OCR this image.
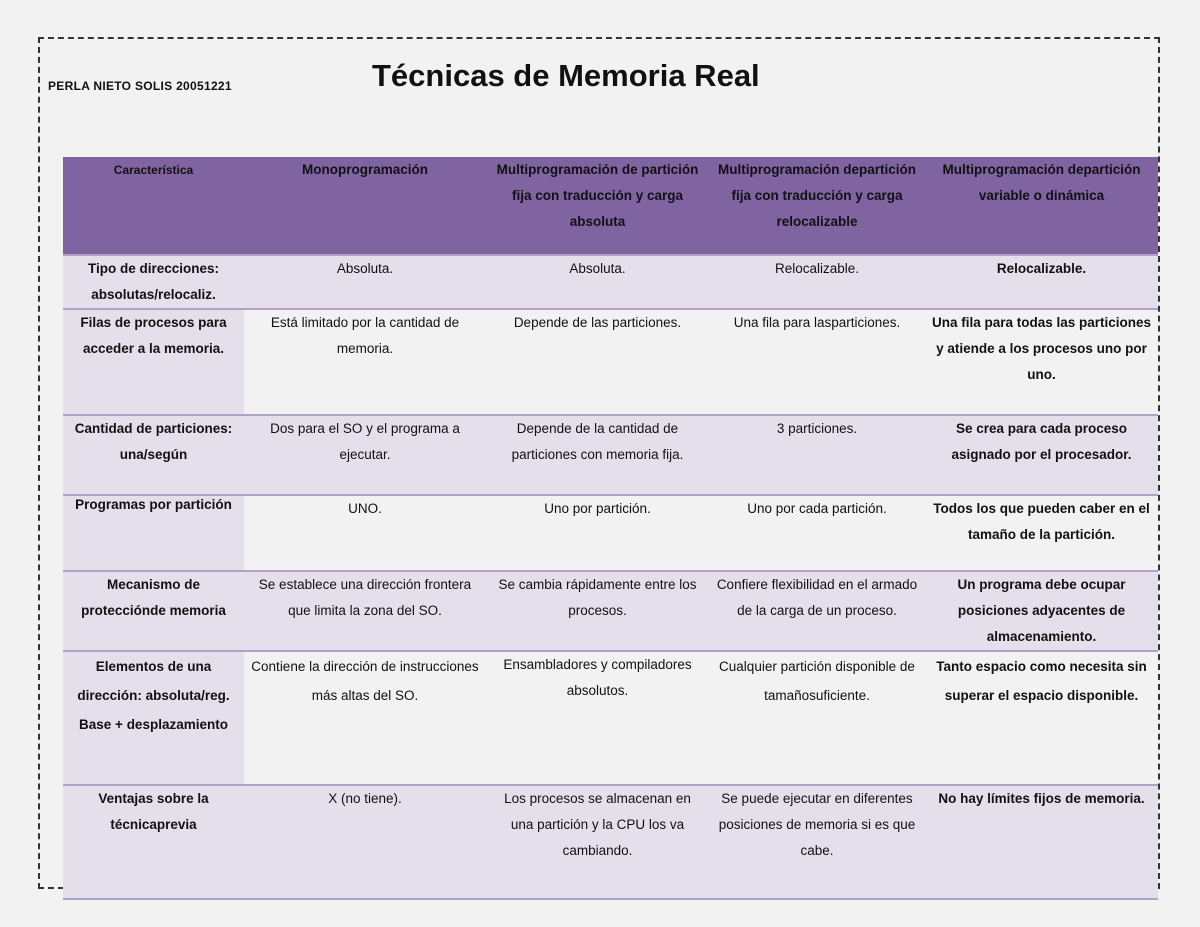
PERLA NIETO SOLIS 20051221	Técnicas de Memoria Real
Característica	Monoprogramación	Multiprogramación de partición fija con traducción y carga absoluta	Multiprogramación departición fija con traducción y carga relocalizable	Multiprogramación departición variable o dinámica
Tipo de direcciones: absolutas/relocaliz.	Absoluta.	Absoluta.	Relocalizable.	Relocalizable.
Filas de procesos para acceder a la memoria.	Está limitado por la cantidad de memoria.	Depende de las particiones.	Una fila para lasparticiones.	Una fila para todas las particiones y atiende a los procesos uno por uno.
Cantidad de particiones: una/según	Dos para el SO y el programa a ejecutar.	Depende de la cantidad de particiones con memoria fija.	3 particiones.	Se crea para cada proceso asignado por el procesador.
Programas por partición	UNO.	Uno por partición.	Uno por cada partición.	Todos los que pueden caber en el tamaño de la partición.
Mecanismo de proteccióndе memoria	Se establece una dirección frontera que limita la zona del SO.	Se cambia rápidamente entre los procesos.	Confiere flexibilidad en el armado de la carga de un proceso.	Un programa debe ocupar posiciones adyacentes de almacenamiento.
Elementos de una dirección: absoluta/reg. Base + desplazamiento	Contiene la dirección de instrucciones más altas del SO.	Ensambladores y compiladores absolutos.	Cualquier partición disponible de tamañosuficiente.	Tanto espacio como necesita sin superar el espacio disponible.
Ventajas sobre la técnicaprevia	X (no tiene).	Los procesos se almacenan en una partición y la CPU los va cambiando.	Se puede ejecutar en diferentes posiciones de memoria si es que cabe.	No hay límites fijos de memoria.
